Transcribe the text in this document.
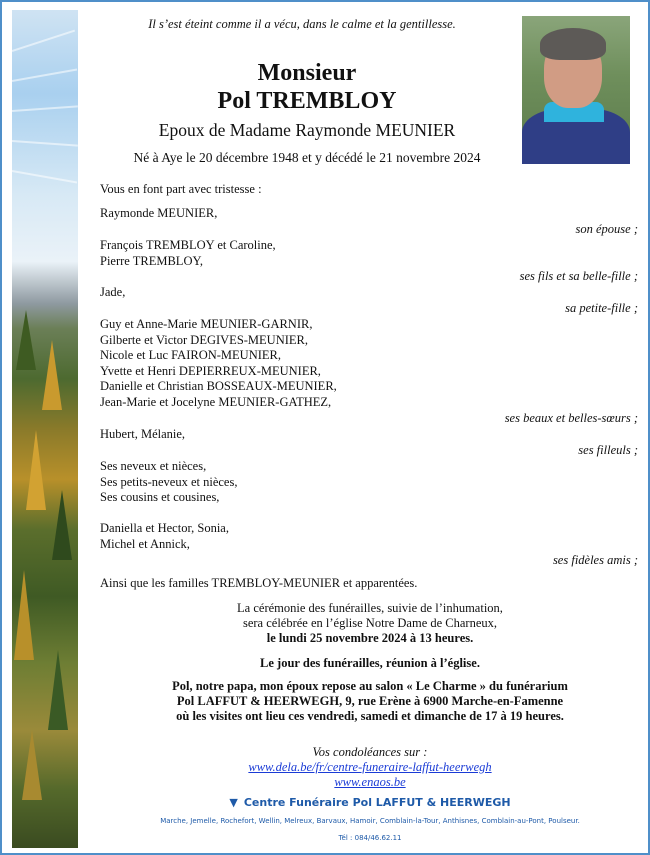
Il s’est éteint comme il a vécu, dans le calme et la gentillesse.
Monsieur
Pol TREMBLOY
Epoux de Madame Raymonde MEUNIER
Né à Aye le 20 décembre 1948 et y décédé le 21 novembre 2024
Vous en font part avec tristesse :
Raymonde MEUNIER,
son épouse ;
François TREMBLOY et Caroline,
Pierre TREMBLOY,
ses fils et sa belle-fille ;
Jade,
sa petite-fille ;
Guy et Anne-Marie MEUNIER-GARNIR,
Gilberte et Victor DEGIVES-MEUNIER,
Nicole et Luc FAIRON-MEUNIER,
Yvette et Henri DEPIERREUX-MEUNIER,
Danielle et Christian BOSSEAUX-MEUNIER,
Jean-Marie et Jocelyne MEUNIER-GATHEZ,
ses beaux et belles-sœurs ;
Hubert, Mélanie,
ses filleuls ;
Ses neveux et nièces,
Ses petits-neveux et nièces,
Ses cousins et cousines,
Daniella et Hector, Sonia,
Michel et Annick,
ses fidèles amis ;
Ainsi que les familles TREMBLOY-MEUNIER et apparentées.
La cérémonie des funérailles, suivie de l’inhumation,
sera célébrée en l’église Notre Dame de Charneux,
le lundi 25 novembre 2024 à 13 heures.
Le jour des funérailles, réunion à l’église.
Pol, notre papa, mon époux repose au salon « Le Charme » du funérarium
Pol LAFFUT & HEERWEGH, 9, rue Erène à 6900 Marche-en-Famenne
où les visites ont lieu ces vendredi, samedi et dimanche de 17 à 19 heures.
Vos condoléances sur :
www.dela.be/fr/centre-funeraire-laffut-heerwegh
www.enaos.be
▼ Centre Funéraire Pol LAFFUT & HEERWEGH
Marche, Jemelle, Rochefort, Wellin, Melreux, Barvaux, Hamoir, Comblain-la-Tour, Anthisnes, Comblain-au-Pont, Poulseur.
Tél : 084/46.62.11
